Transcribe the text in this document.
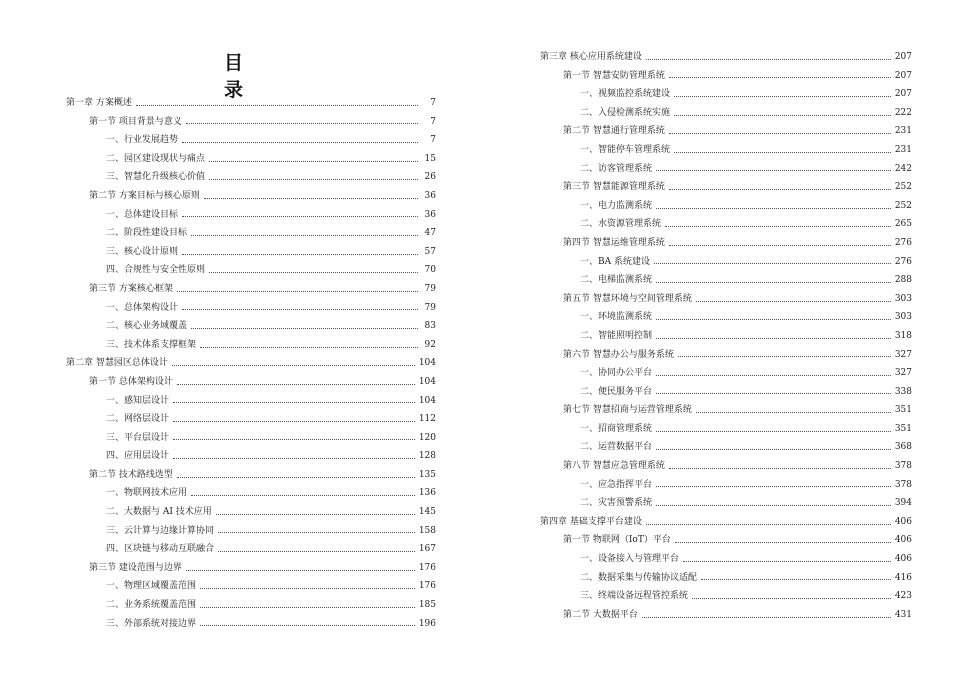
目 录
第一章 方案概述	7
第一节 项目背景与意义	7
一、行业发展趋势	7
二、园区建设现状与痛点	15
三、智慧化升级核心价值	26
第二节 方案目标与核心原则	36
一、总体建设目标	36
二、阶段性建设目标	47
三、核心设计原则	57
四、合规性与安全性原则	70
第三节 方案核心框架	79
一、总体架构设计	79
二、核心业务域覆盖	83
三、技术体系支撑框架	92
第二章 智慧园区总体设计	104
第一节 总体架构设计	104
一、感知层设计	104
二、网络层设计	112
三、平台层设计	120
四、应用层设计	128
第二节 技术路线选型	135
一、物联网技术应用	136
二、大数据与 AI 技术应用	145
三、云计算与边缘计算协同	158
四、区块链与移动互联融合	167
第三节 建设范围与边界	176
一、物理区域覆盖范围	176
二、业务系统覆盖范围	185
三、外部系统对接边界	196
第三章 核心应用系统建设	207
第一节 智慧安防管理系统	207
一、视频监控系统建设	207
二、入侵检测系统实施	222
第二节 智慧通行管理系统	231
一、智能停车管理系统	231
二、访客管理系统	242
第三节 智慧能源管理系统	252
一、电力监测系统	252
二、水资源管理系统	265
第四节 智慧运维管理系统	276
一、BA 系统建设	276
二、电梯监测系统	288
第五节 智慧环境与空间管理系统	303
一、环境监测系统	303
二、智能照明控制	318
第六节 智慧办公与服务系统	327
一、协同办公平台	327
二、便民服务平台	338
第七节 智慧招商与运营管理系统	351
一、招商管理系统	351
二、运营数据平台	368
第八节 智慧应急管理系统	378
一、应急指挥平台	378
二、灾害预警系统	394
第四章 基础支撑平台建设	406
第一节 物联网（IoT）平台	406
一、设备接入与管理平台	406
二、数据采集与传输协议适配	416
三、终端设备远程管控系统	423
第二节 大数据平台	431
